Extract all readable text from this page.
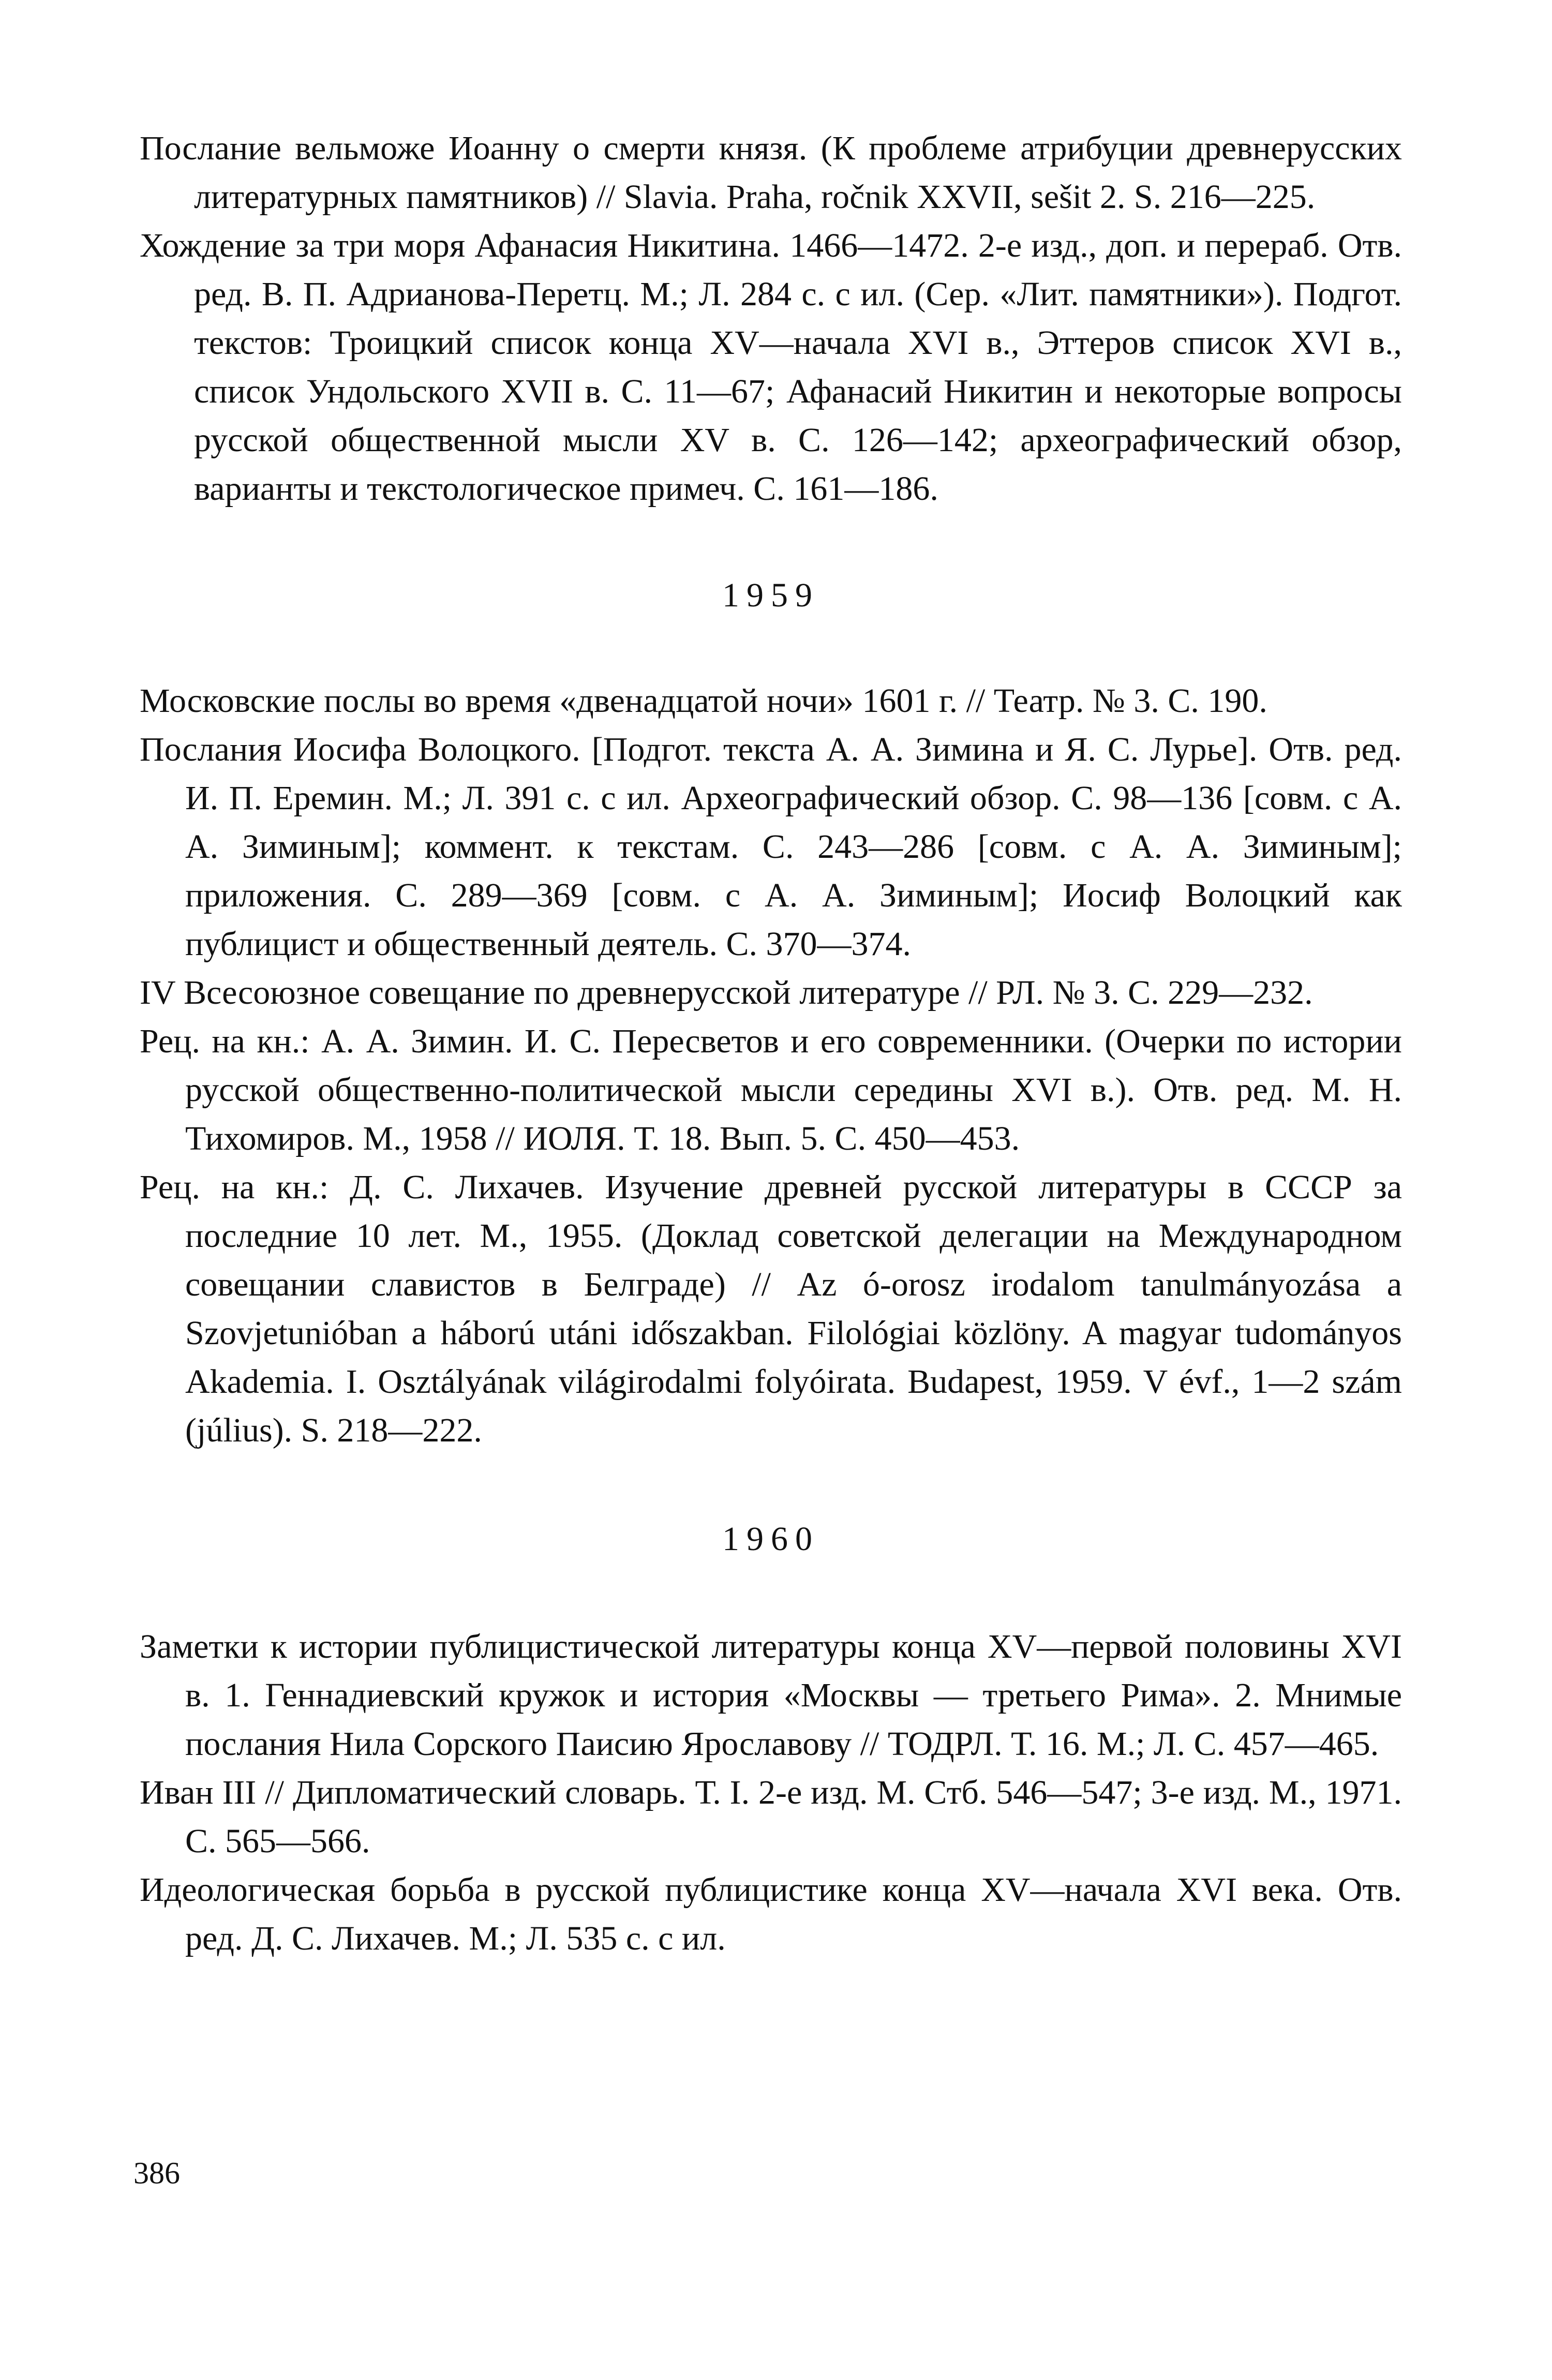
Послание вельможе Иоанну о смерти князя. (К проблеме атрибуции древнерусских литературных памятников) // Slavia. Praha, ročnik XXVII, sešit 2. S. 216—225.

Хождение за три моря Афанасия Никитина. 1466—1472. 2-е изд., доп. и перераб. Отв. ред. В. П. Адрианова-Перетц. М.; Л. 284 с. с ил. (Сер. «Лит. памятники»). Подгот. текстов: Троицкий список конца XV—начала XVI в., Эттеров список XVI в., список Ундольского XVII в. С. 11—67; Афанасий Никитин и некоторые вопросы русской общественной мысли XV в. С. 126—142; археографический обзор, варианты и текстологическое примеч. С. 161—186.

1959

Московские послы во время «двенадцатой ночи» 1601 г. // Театр. № 3. С. 190.

Послания Иосифа Волоцкого. [Подгот. текста А. А. Зимина и Я. С. Лурье]. Отв. ред. И. П. Еремин. М.; Л. 391 с. с ил. Археографический обзор. С. 98—136 [совм. с А. А. Зиминым]; коммент. к текстам. С. 243—286 [совм. с А. А. Зиминым]; приложения. С. 289—369 [совм. с А. А. Зиминым]; Иосиф Волоцкий как публицист и общественный деятель. С. 370—374.

IV Всесоюзное совещание по древнерусской литературе // РЛ. № 3. С. 229—232.

Рец. на кн.: А. А. Зимин. И. С. Пересветов и его современники. (Очерки по истории русской общественно-политической мысли середины XVI в.). Отв. ред. М. Н. Тихомиров. М., 1958 // ИОЛЯ. Т. 18. Вып. 5. С. 450—453.

Рец. на кн.: Д. С. Лихачев. Изучение древней русской литературы в СССР за последние 10 лет. М., 1955. (Доклад советской делегации на Международном совещании славистов в Белграде) // Az ó-orosz irodalom tanulmányozása a Szovjetunióban a háború utáni időszakban. Filológiai közlöny. A magyar tudományos Akademia. I. Osztályának világirodalmi folyóirata. Budapest, 1959. V évf., 1—2 szám (július). S. 218—222.

1960

Заметки к истории публицистической литературы конца XV—первой половины XVI в. 1. Геннадиевский кружок и история «Москвы — третьего Рима». 2. Мнимые послания Нила Сорского Паисию Ярославову // ТОДРЛ. Т. 16. М.; Л. С. 457—465.

Иван III // Дипломатический словарь. Т. I. 2-е изд. М. Стб. 546—547; 3-е изд. М., 1971. С. 565—566.

Идеологическая борьба в русской публицистике конца XV—начала XVI века. Отв. ред. Д. С. Лихачев. М.; Л. 535 с. с ил.

386
